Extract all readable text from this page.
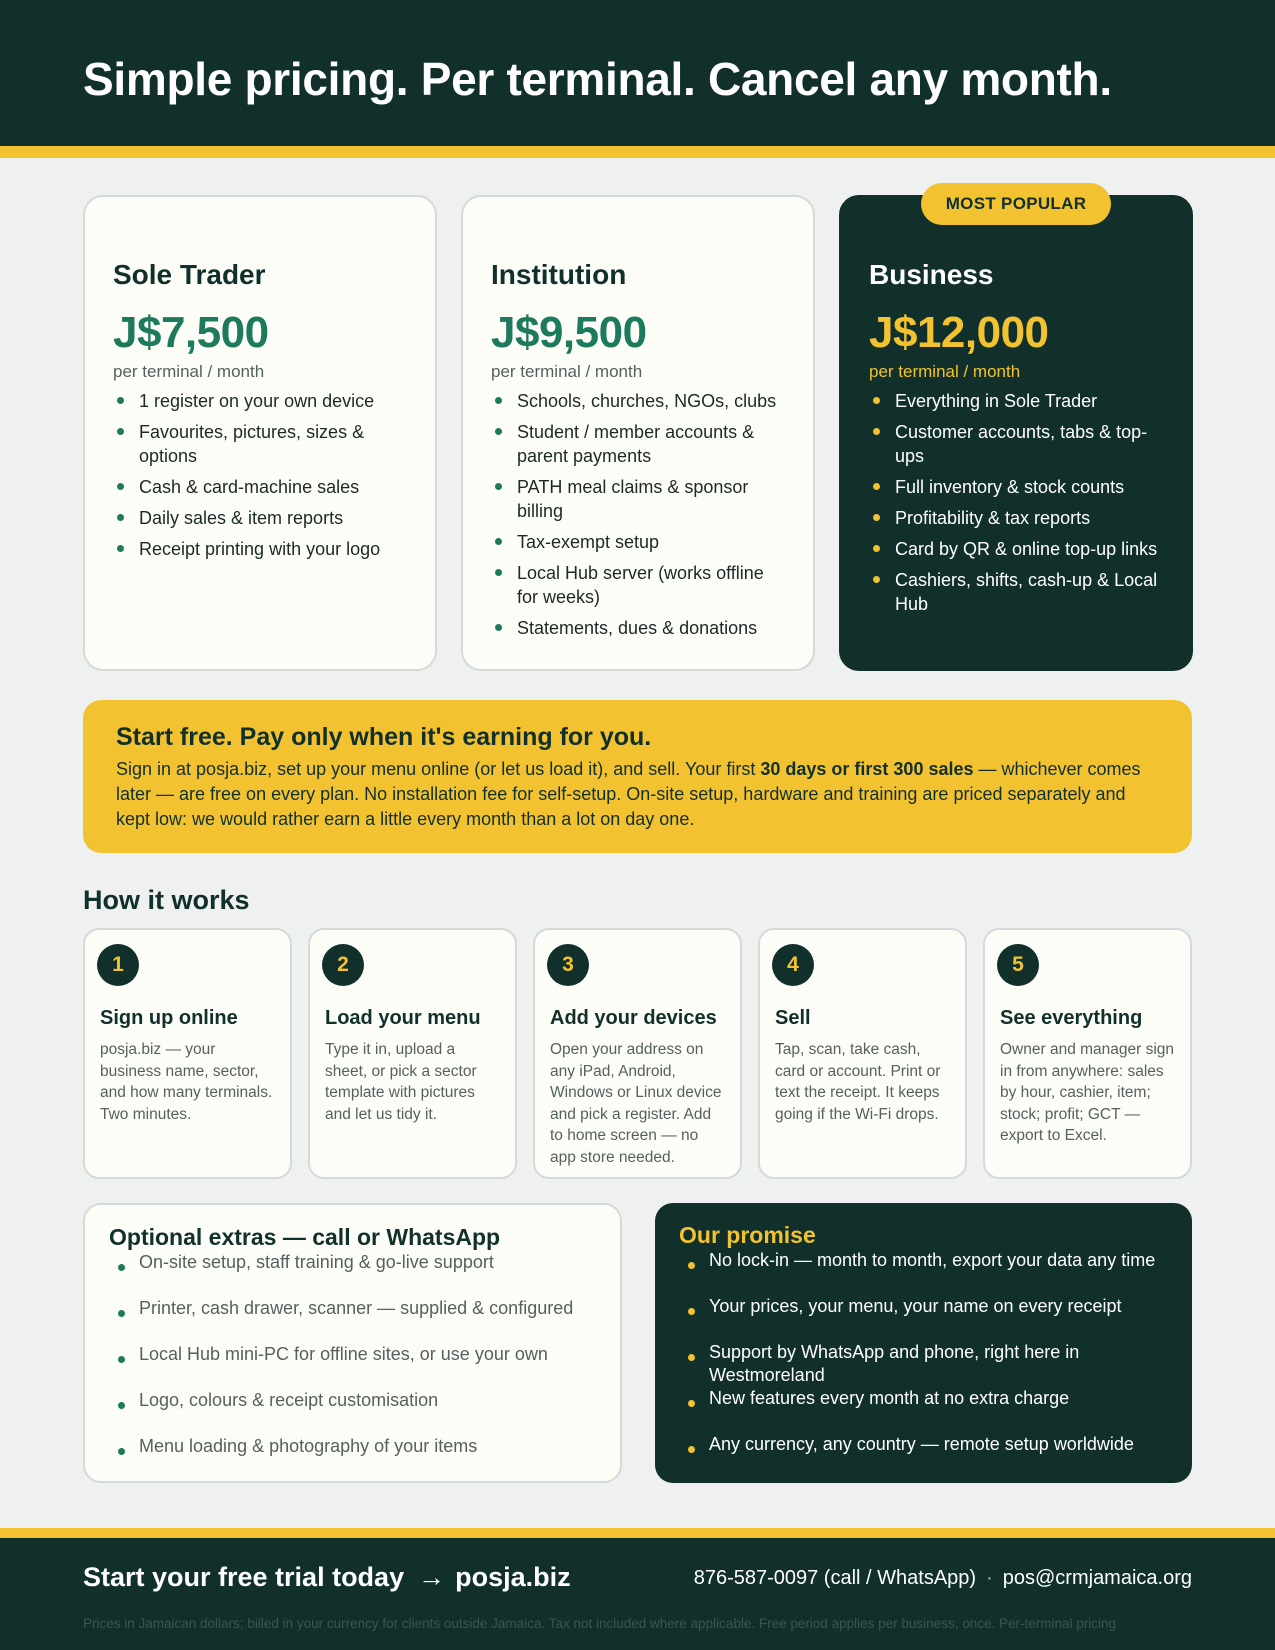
Simple pricing. Per terminal. Cancel any month.
Sole Trader
J$7,500
per terminal / month
1 register on your own device
Favourites, pictures, sizes & options
Cash & card-machine sales
Daily sales & item reports
Receipt printing with your logo
Institution
J$9,500
per terminal / month
Schools, churches, NGOs, clubs
Student / member accounts & parent payments
PATH meal claims & sponsor billing
Tax-exempt setup
Local Hub server (works offline for weeks)
Statements, dues & donations
MOST POPULAR
Business
J$12,000
per terminal / month
Everything in Sole Trader
Customer accounts, tabs & top-ups
Full inventory & stock counts
Profitability & tax reports
Card by QR & online top-up links
Cashiers, shifts, cash-up & Local Hub
Start free. Pay only when it's earning for you.

Sign in at posja.biz, set up your menu online (or let us load it), and sell. Your first 30 days or first 300 sales — whichever comes later — are free on every plan. No installation fee for self-setup. On-site setup, hardware and training are priced separately and kept low: we would rather earn a little every month than a lot on day one.

How it works
1
Sign up online

posja.biz — your business name, sector, and how many terminals. Two minutes.

2
Load your menu

Type it in, upload a sheet, or pick a sector template with pictures and let us tidy it.

3
Add your devices

Open your address on any iPad, Android, Windows or Linux device and pick a register. Add to home screen — no app store needed.

4
Sell

Tap, scan, take cash, card or account. Print or text the receipt. It keeps going if the Wi-Fi drops.

5
See everything

Owner and manager sign in from anywhere: sales by hour, cashier, item; stock; profit; GCT — export to Excel.

Optional extras — call or WhatsApp
On-site setup, staff training & go-live support
Printer, cash drawer, scanner — supplied & configured
Local Hub mini-PC for offline sites, or use your own
Logo, colours & receipt customisation
Menu loading & photography of your items
Our promise
No lock-in — month to month, export your data any time
Your prices, your menu, your name on every receipt
Support by WhatsApp and phone, right here in Westmoreland
New features every month at no extra charge
Any currency, any country — remote setup worldwide
Start your free trial today → posja.biz	876-587-0097 (call / WhatsApp) · pos@crmjamaica.org
Prices in Jamaican dollars; billed in your currency for clients outside Jamaica. Tax not included where applicable. Free period applies per business, once. Per-terminal pricing
